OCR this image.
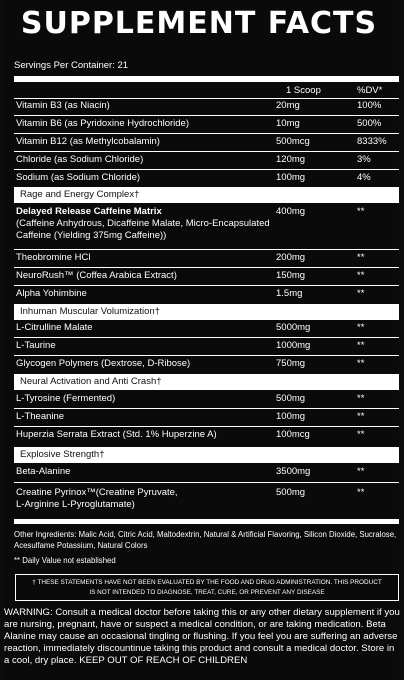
SUPPLEMENT FACTS
Servings Per Container: 21
1 Scoop	%DV*
Vitamin B3 (as Niacin)	20mg	100%
Vitamin B6 (as Pyridoxine Hydrochloride)	10mg	500%
Vitamin B12 (as Methylcobalamin)	500mcg	8333%
Chloride (as Sodium Chloride)	120mg	3%
Sodium (as Sodium Chloride)	100mg	4%
Rage and Energy Complex†
Delayed Release Caffeine Matrix
(Caffeine Anhydrous, Dicaffeine Malate, Micro-Encapsulated Caffeine (Yielding 375mg Caffeine))
400mg	**
Theobromine HCl	200mg	**
NeuroRush™ (Coffea Arabica Extract)	150mg	**
Alpha Yohimbine	1.5mg	**
Inhuman Muscular Volumization†
L-Citrulline Malate	5000mg	**
L-Taurine	1000mg	**
Glycogen Polymers (Dextrose, D-Ribose)	750mg	**
Neural Activation and Anti Crash†
L-Tyrosine (Fermented)	500mg	**
L-Theanine	100mg	**
Huperzia Serrata Extract (Std. 1% Huperzine A)	100mcg	**
Explosive Strength†
Beta-Alanine	3500mg	**
Creatine Pyrinox™(Creatine Pyruvate,
L-Arginine L-Pyroglutamate)
500mg	**
Other Ingredients: Malic Acid, Citric Acid, Maltodextrin, Natural & Artificial Flavoring, Silicon Dioxide, Sucralose, Acesulfame Potassium, Natural Colors
** Daily Value not established
† THESE STATEMENTS HAVE NOT BEEN EVALUATED BY THE FOOD AND DRUG ADMINISTRATION. THIS PRODUCT
IS NOT INTENDED TO DIAGNOSE, TREAT, CURE, OR PREVENT ANY DISEASE
WARNING: Consult a medical doctor before taking this or any other dietary supplement if you are nursing, pregnant, have or suspect a medical condition, or are taking medication. Beta Alanine may cause an occasional tingling or flushing. If you feel you are suffering an adverse reaction, immediately discountinue taking this product and consult a medical doctor. Store in a cool, dry place. KEEP OUT OF REACH OF CHILDREN
